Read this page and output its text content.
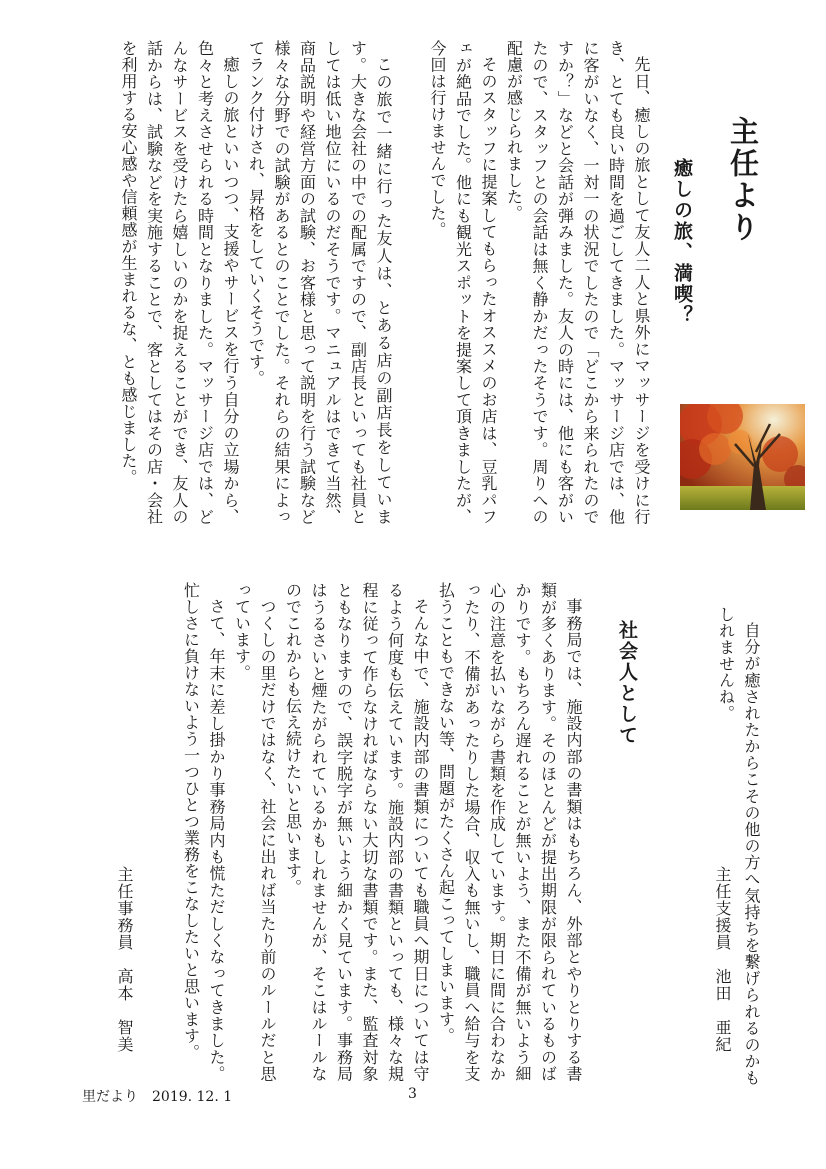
主任より
癒しの旅、満喫？

先日、癒しの旅として友人二人と県外にマッサージを受けに行き、とても良い時間を過ごしてきました。マッサージ店では、他に客がいなく、一対一の状況でしたので「どこから来られたのですか？」などと会話が弾みました。友人の時には、他にも客がいたので、スタッフとの会話は無く静かだったそうです。周りへの配慮が感じられました。

そのスタッフに提案してもらったオススメのお店は、豆乳パフェが絶品でした。他にも観光スポットを提案して頂きましたが、今回は行けませんでした。

この旅で一緒に行った友人は、とある店の副店長をしています。大きな会社の中での配属ですので、副店長といっても社員としては低い地位にいるのだそうです。マニュアルはできて当然、商品説明や経営方面の試験、お客様と思って説明を行う試験など様々な分野での試験があるとのことでした。それらの結果によってランク付けされ、昇格をしていくそうです。

癒しの旅といいつつ、支援やサービスを行う自分の立場から、色々と考えさせられる時間となりました。マッサージ店では、どんなサービスを受けたら嬉しいのかを捉えることができ、友人の話からは、試験などを実施することで、客としてはその店・会社を利用する安心感や信頼感が生まれるな、とも感じました。

自分が癒されたからこその他の方へ気持ちを繋げられるのかもしれませんね。

主任支援員　池田　亜紀
社会人として

事務局では、施設内部の書類はもちろん、外部とやりとりする書類が多くあります。そのほとんどが提出期限が限られているものばかりです。もちろん遅れることが無いよう、また不備が無いよう細心の注意を払いながら書類を作成しています。期日に間に合わなかったり、不備があったりした場合、収入も無いし、職員へ給与を支払うこともできない等、問題がたくさん起こってしまいます。

そんな中で、施設内部の書類についても職員へ期日については守るよう何度も伝えています。施設内部の書類といっても、様々な規程に従って作らなければならない大切な書類です。また、監査対象ともなりますので、誤字脱字が無いよう細かく見ています。事務局はうるさいと煙たがられているかもしれませんが、そこはルールなのでこれからも伝え続けたいと思います。

つくしの里だけではなく、社会に出れば当たり前のルールだと思っています。

さて、年末に差し掛かり事務局内も慌ただしくなってきました。忙しさに負けないよう一つひとつ業務をこなしたいと思います。

主任事務員　高本　智美
里だより　2019. 12. 1	3
